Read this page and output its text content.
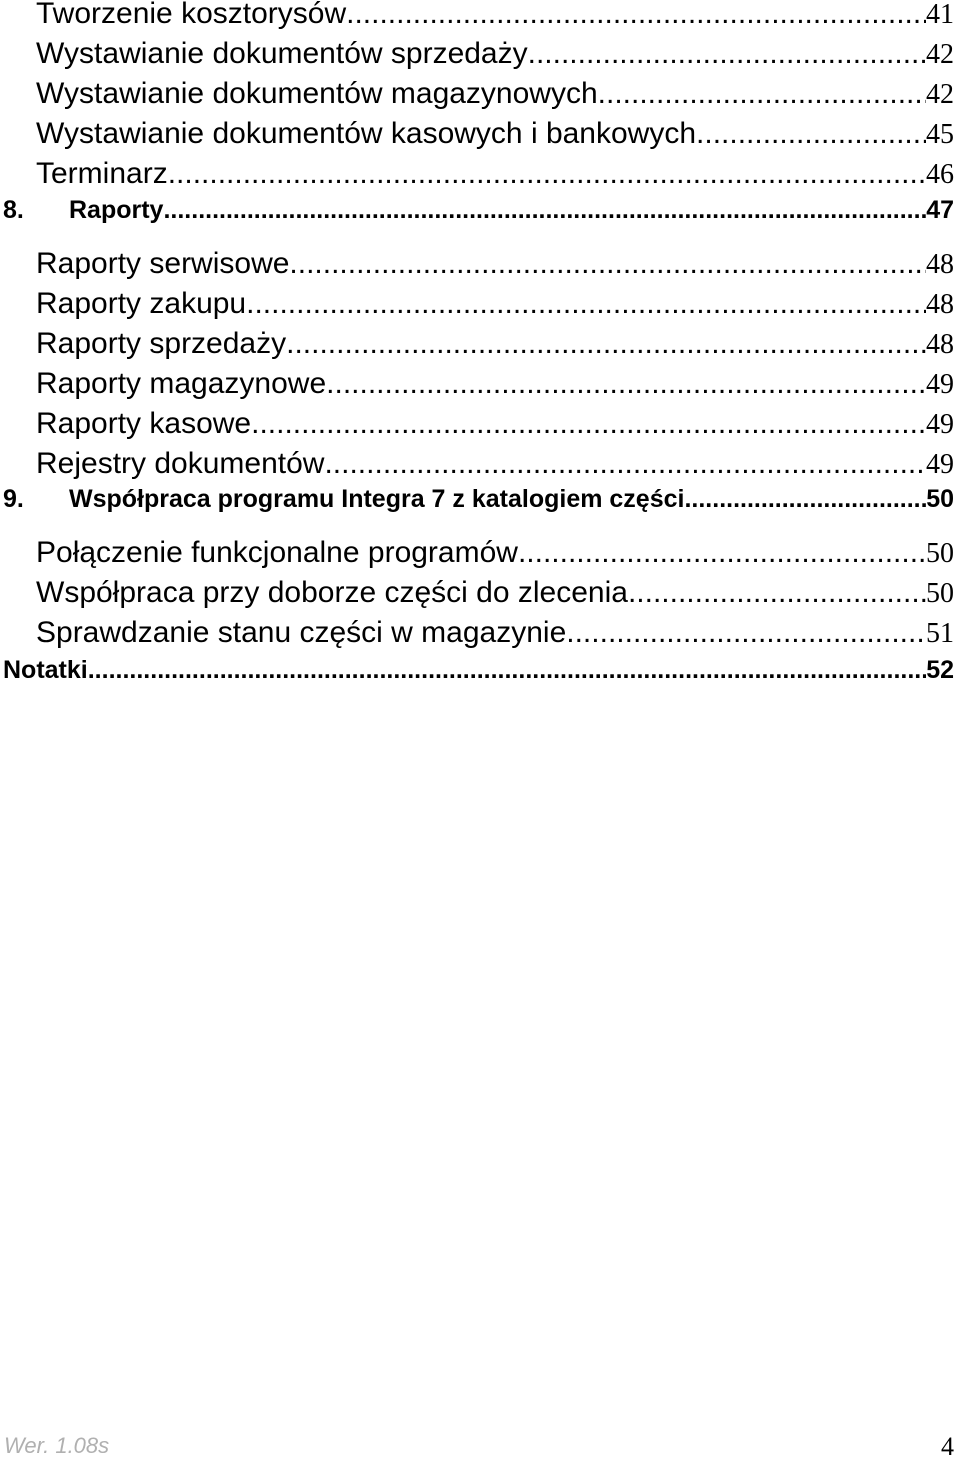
Tworzenie kosztorysów .....	41
Wystawianie dokumentów sprzedaży .....	42
Wystawianie dokumentów magazynowych .....	42
Wystawianie dokumentów kasowych i bankowych .....	45
Terminarz .....	46
8.	Raporty .....	47
Raporty serwisowe .....	48
Raporty zakupu .....	48
Raporty sprzedaży .....	48
Raporty magazynowe .....	49
Raporty kasowe .....	49
Rejestry dokumentów .....	49
9.	Współpraca programu Integra 7 z katalogiem części .....	50
Połączenie funkcjonalne programów .....	50
Współpraca przy doborze części do zlecenia .....	50
Sprawdzanie stanu części w magazynie .....	51
Notatki .....	52
Wer. 1.08s	4
